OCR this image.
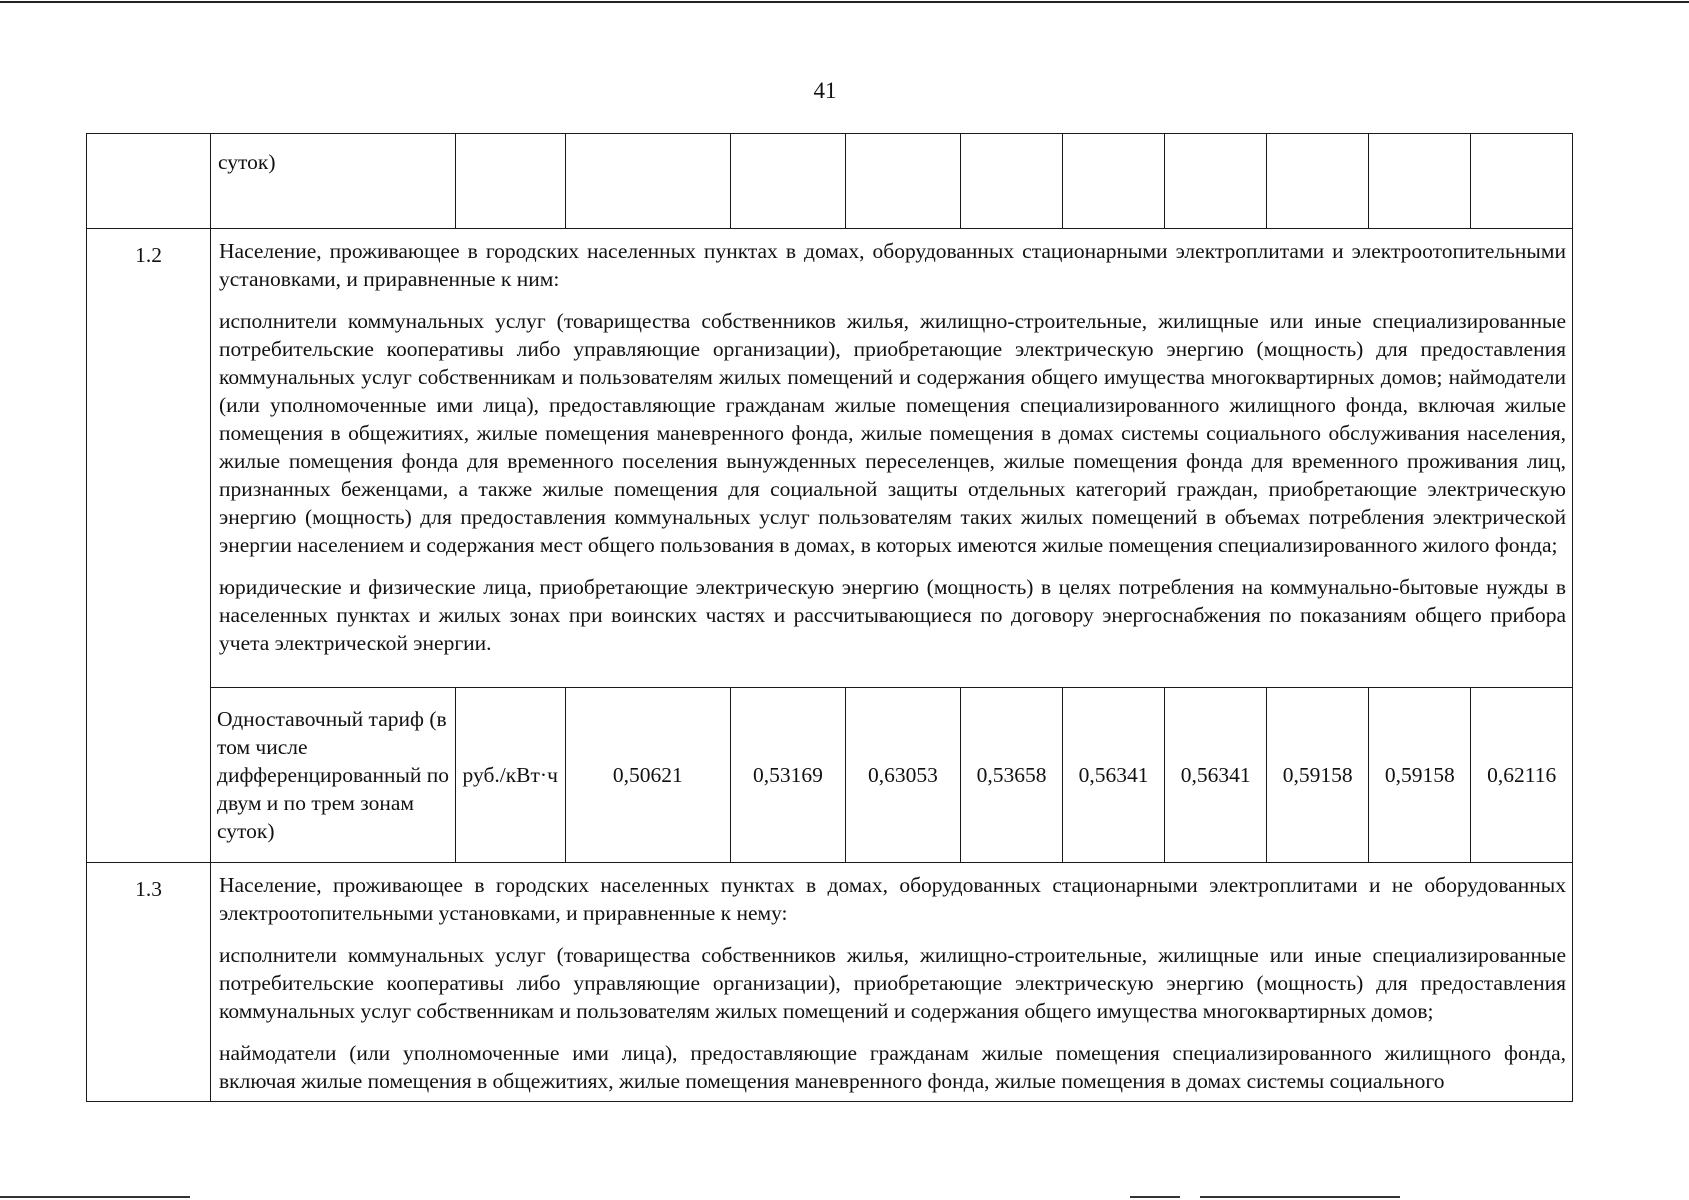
41

суток)										

1.2	Население, проживающее в городских населенных пунктах в домах, оборудованных стационарными электроплитами и электроотопительными установками, и приравненные к ним:
исполнители коммунальных услуг (товарищества собственников жилья, жилищно-строительные, жилищные или иные специализированные потребительские кооперативы либо управляющие организации), приобретающие электрическую энергию (мощность) для предоставления коммунальных услуг собственникам и пользователям жилых помещений и содержания общего имущества многоквартирных домов; наймодатели (или уполномоченные ими лица), предоставляющие гражданам жилые помещения специализированного жилищного фонда, включая жилые помещения в общежитиях, жилые помещения маневренного фонда, жилые помещения в домах системы социального обслуживания населения, жилые помещения фонда для временного поселения вынужденных переселенцев, жилые помещения фонда для временного проживания лиц, признанных беженцами, а также жилые помещения для социальной защиты отдельных категорий граждан, приобретающие электрическую энергию (мощность) для предоставления коммунальных услуг пользователям таких жилых помещений в объемах потребления электрической энергии населением и содержания мест общего пользования в домах, в которых имеются жилые помещения специализированного жилого фонда;
юридические и физические лица, приобретающие электрическую энергию (мощность) в целях потребления на коммунально-бытовые нужды в населенных пунктах и жилых зонах при воинских частях и рассчитывающиеся по договору энергоснабжения по показаниям общего прибора учета электрической энергии.
Одноставочный тариф (в том числе дифференцированный по двум и по трем зонам суток)	руб./кВт·ч	0,50621	0,53169	0,63053	0,53658	0,56341	0,56341	0,59158	0,59158	0,62116

1.3	Население, проживающее в городских населенных пунктах в домах, оборудованных стационарными электроплитами и не оборудованных электроотопительными установками, и приравненные к нему:
исполнители коммунальных услуг (товарищества собственников жилья, жилищно-строительные, жилищные или иные специализированные потребительские кооперативы либо управляющие организации), приобретающие электрическую энергию (мощность) для предоставления коммунальных услуг собственникам и пользователям жилых помещений и содержания общего имущества многоквартирных домов;
наймодатели (или уполномоченные ими лица), предоставляющие гражданам жилые помещения специализированного жилищного фонда, включая жилые помещения в общежитиях, жилые помещения маневренного фонда, жилые помещения в домах системы социального
